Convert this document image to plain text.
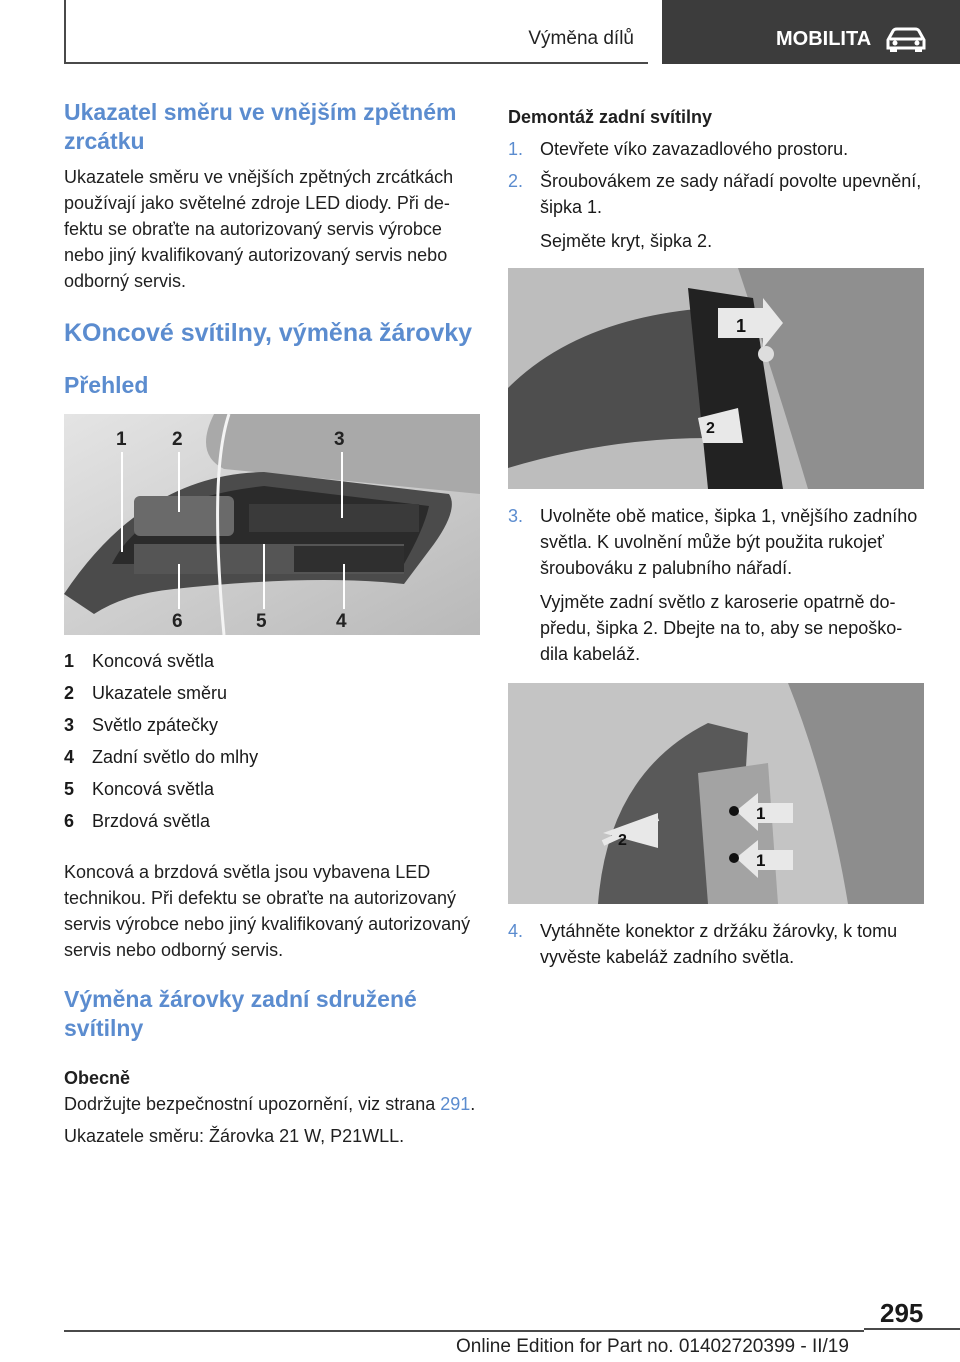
Výměna dílů	MOBILITA
Ukazatel směru ve vnějším zpětném zrcátku

Ukazatele směru ve vnějších zpětných zrcátkách používají jako světelné zdroje LED diody. Při defektu se obraťte na autorizovaný servis výrobce nebo jiný kvalifikovaný autorizovaný servis nebo odborný servis.

KOncové svítilny, výměna žárovky
Přehled
1 2	3
6	5	4
1 Koncová světla
2 Ukazatele směru
3 Světlo zpátečky
4 Zadní světlo do mlhy
5 Koncová světla
6 Brzdová světla

Koncová a brzdová světla jsou vybavena LED technikou. Při defektu se obraťte na autorizovaný servis výrobce nebo jiný kvalifikovaný autorizovaný servis nebo odborný servis.

Výměna žárovky zadní sdružené svítilny

Obecně

Dodržujte bezpečnostní upozornění, viz strana 291.

Ukazatele směru: Žárovka 21 W, P21WLL.

Demontáž zadní svítilny

1. Otevřete víko zavazadlového prostoru.
2. Šroubovákem ze sady nářadí povolte upevnění, šipka 1.

Sejměte kryt, šipka 2.
1
2
3. Uvolněte obě matice, šipka 1, vnějšího zadního světla. K uvolnění může být použita rukojeť šroubováku z palubního nářadí.

Vyjměte zadní světlo z karoserie opatrně dopředu, šipka 2. Dbejte na to, aby se nepoškodila kabeláž.
2
1
1
4. Vytáhněte konektor z držáku žárovky, k tomu vyvěste kabeláž zadního světla.
295
Online Edition for Part no. 01402720399 - II/19
